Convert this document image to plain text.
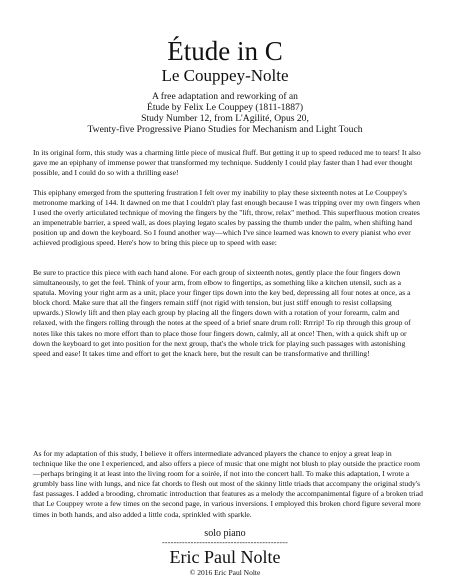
Étude in C
Le Couppey-Nolte
A free adaptation and reworking of an
Étude by Felix Le Couppey (1811-1887)
Study Number 12, from L'Agilité, Opus 20,
Twenty-five Progressive Piano Studies for Mechanism and Light Touch
In its original form, this study was a charming little piece of musical fluff. But getting it up to speed reduced me to tears! It also gave me an epiphany of immense power that transformed my technique. Suddenly I could play faster than I had ever thought possible, and I could do so with a thrilling ease!
This epiphany emerged from the sputtering frustration I felt over my inability to play these sixteenth notes at Le Couppey's metronome marking of 144. It dawned on me that I couldn't play fast enough because I was tripping over my own fingers when I used the overly articulated technique of moving the fingers by the "lift, throw, relax" method. This superfluous motion creates an impenetrable barrier, a speed wall, as does playing legato scales by passing the thumb under the palm, when shifting hand position up and down the keyboard. So I found another way—which I've since learned was known to every pianist who ever achieved prodigious speed. Here's how to bring this piece up to speed with ease:
Be sure to practice this piece with each hand alone. For each group of sixteenth notes, gently place the four fingers down simultaneously, to get the feel. Think of your arm, from elbow to fingertips, as something like a kitchen utensil, such as a spatula. Moving your right arm as a unit, place your finger tips down into the key bed, depressing all four notes at once, as a block chord. Make sure that all the fingers remain stiff (not rigid with tension, but just stiff enough to resist collapsing upwards.) Slowly lift and then play each group by placing all the fingers down with a rotation of your forearm, calm and relaxed, with the fingers rolling through the notes at the speed of a brief snare drum roll: Rrrrip! To rip through this group of notes like this takes no more effort than to place those four fingers down, calmly, all at once! Then, with a quick shift up or down the keyboard to get into position for the next group, that's the whole trick for playing such passages with astonishing speed and ease! It takes time and effort to get the knack here, but the result can be transformative and thrilling!
As for my adaptation of this study, I believe it offers intermediate advanced players the chance to enjoy a great leap in technique like the one I experienced, and also offers a piece of music that one might not blush to play outside the practice room—perhaps bringing it at least into the living room for a soirée, if not into the concert hall. To make this adaptation, I wrote a grumbly bass line with lungs, and nice fat chords to flesh out most of the skinny little triads that accompany the original study's fast passages. I added a brooding, chromatic introduction that features as a melody the accompanimental figure of a broken triad that Le Couppey wrote a few times on the second page, in various inversions. I employed this broken chord figure several more times in both hands, and also added a little coda, sprinkled with sparkle.
solo piano
--------------------------------------------
Eric Paul Nolte
© 2016 Eric Paul Nolte
